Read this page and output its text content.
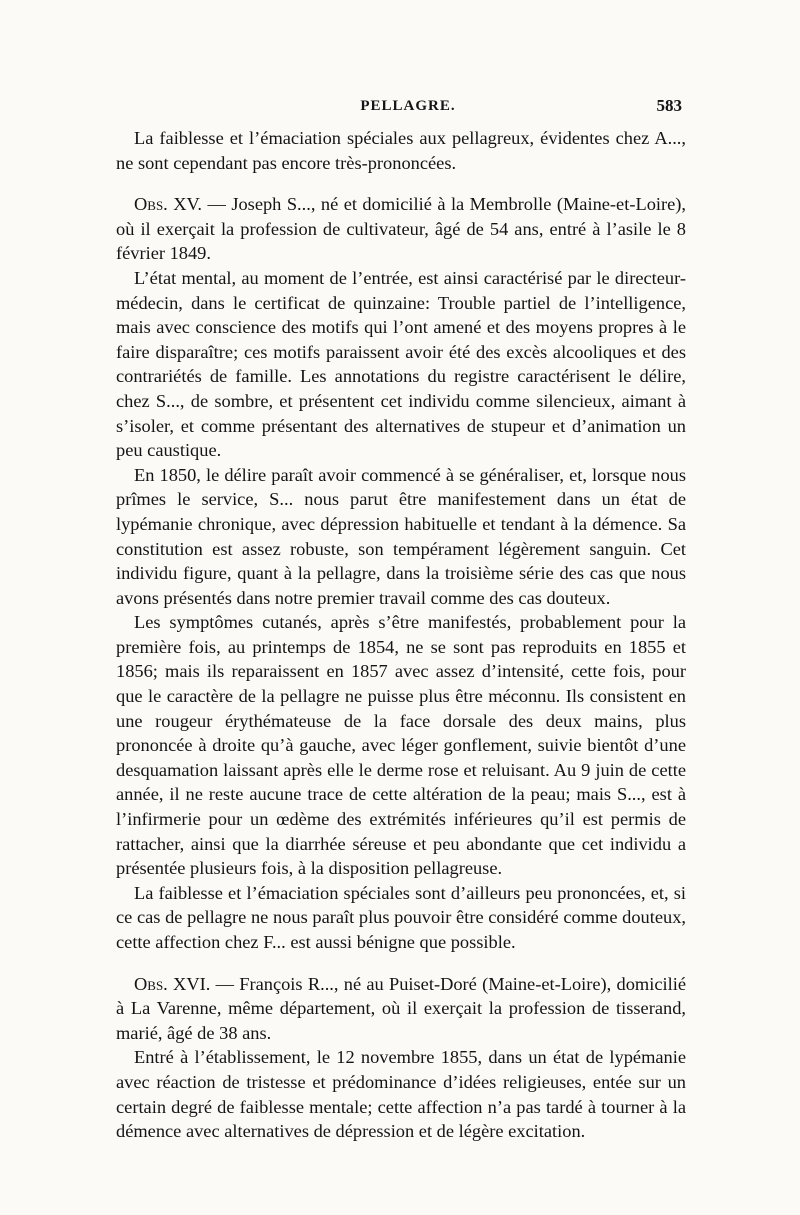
PELLAGRE.	583

La faiblesse et l’émaciation spéciales aux pellagreux, évidentes chez A..., ne sont cependant pas encore très-prononcées.

Obs. XV. — Joseph S..., né et domicilié à la Membrolle (Maine-et-Loire), où il exerçait la profession de cultivateur, âgé de 54 ans, entré à l’asile le 8 février 1849.

L’état mental, au moment de l’entrée, est ainsi caractérisé par le directeur-médecin, dans le certificat de quinzaine: Trouble partiel de l’intelligence, mais avec conscience des motifs qui l’ont amené et des moyens propres à le faire disparaître; ces motifs paraissent avoir été des excès alcooliques et des contrariétés de famille. Les annotations du registre caractérisent le délire, chez S..., de sombre, et présentent cet individu comme silencieux, aimant à s’isoler, et comme présentant des alternatives de stupeur et d’animation un peu caustique.

En 1850, le délire paraît avoir commencé à se généraliser, et, lorsque nous prîmes le service, S... nous parut être manifestement dans un état de lypémanie chronique, avec dépression habituelle et tendant à la démence. Sa constitution est assez robuste, son tempérament légèrement sanguin. Cet individu figure, quant à la pellagre, dans la troisième série des cas que nous avons présentés dans notre premier travail comme des cas douteux.

Les symptômes cutanés, après s’être manifestés, probablement pour la première fois, au printemps de 1854, ne se sont pas reproduits en 1855 et 1856; mais ils reparaissent en 1857 avec assez d’intensité, cette fois, pour que le caractère de la pellagre ne puisse plus être méconnu. Ils consistent en une rougeur érythémateuse de la face dorsale des deux mains, plus prononcée à droite qu’à gauche, avec léger gonflement, suivie bientôt d’une desquamation laissant après elle le derme rose et reluisant. Au 9 juin de cette année, il ne reste aucune trace de cette altération de la peau; mais S..., est à l’infirmerie pour un œdème des extrémités inférieures qu’il est permis de rattacher, ainsi que la diarrhée séreuse et peu abondante que cet individu a présentée plusieurs fois, à la disposition pellagreuse.

La faiblesse et l’émaciation spéciales sont d’ailleurs peu prononcées, et, si ce cas de pellagre ne nous paraît plus pouvoir être considéré comme douteux, cette affection chez F... est aussi bénigne que possible.

Obs. XVI. — François R..., né au Puiset-Doré (Maine-et-Loire), domicilié à La Varenne, même département, où il exerçait la profession de tisserand, marié, âgé de 38 ans.

Entré à l’établissement, le 12 novembre 1855, dans un état de lypémanie avec réaction de tristesse et prédominance d’idées religieuses, entée sur un certain degré de faiblesse mentale; cette affection n’a pas tardé à tourner à la démence avec alternatives de dépression et de légère excitation.
